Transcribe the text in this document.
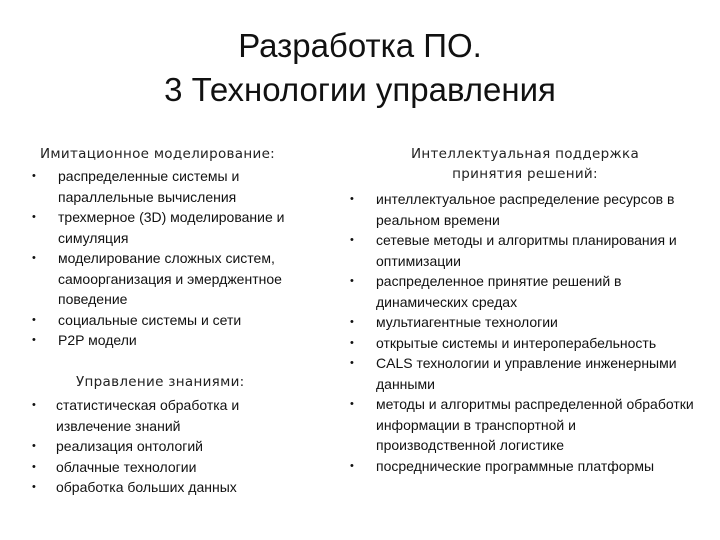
Разработка ПО.
3 Технологии управления
Имитационное моделирование:
• распределенные системы и параллельные вычисления
• трехмерное (3D) моделирование и симуляция
• моделирование сложных систем, самоорганизация и эмерджентное поведение
• социальные системы и сети
• P2P модели
Управление знаниями:
• статистическая обработка и извлечение знаний
• реализация онтологий
• облачные технологии
• обработка больших данных
Интеллектуальная поддержка
принятия решений:
• интеллектуальное распределение ресурсов в реальном времени
• сетевые методы и алгоритмы планирования и оптимизации
• распределенное принятие решений в динамических средах
• мультиагентные технологии
• открытые системы и интероперабельность
• CALS технологии и управление инженерными данными
• методы и алгоритмы распределенной обработки информации в транспортной и производственной логистике
• посреднические программные платформы
